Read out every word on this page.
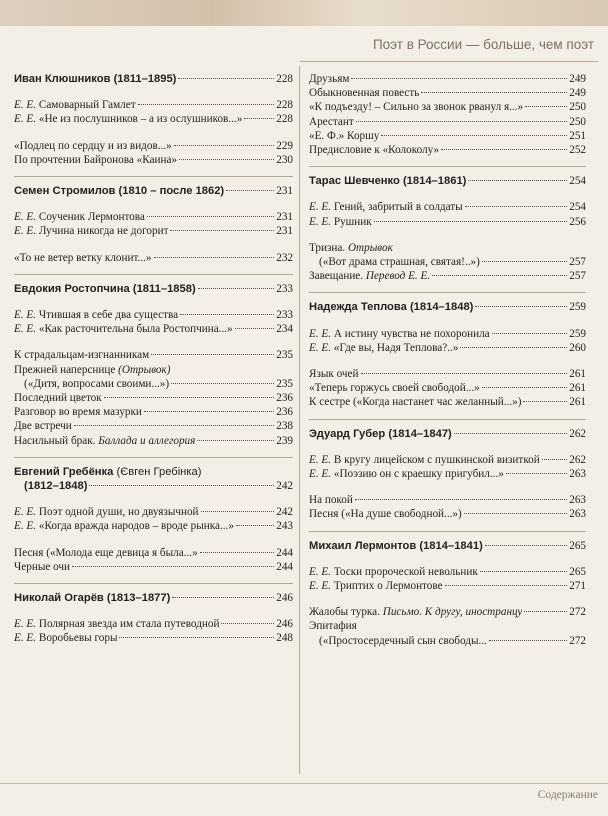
Поэт в России — больше, чем поэт
Иван Клюшников (1811–1895)	228
Е. Е. Самоварный Гамлет	228
Е. Е. «Не из послушников – а из ослушников...»	228
«Подлец по сердцу и из видов...»	229
По прочтении Байронова «Каина»	230
Семен Стромилов (1810 – после 1862)	231
Е. Е. Соученик Лермонтова	231
Е. Е. Лучина никогда не догорит	231
«То не ветер ветку клонит...»	232
Евдокия Ростопчина (1811–1858)	233
Е. Е. Чтившая в себе два существа	233
Е. Е. «Как расточительна была Ростопчина...»	234
К страдальцам-изгнанникам	235
Прежней наперснице (Отрывок)
(«Дитя, вопросами своими...»)	235
Последний цветок	236
Разговор во время мазурки	236
Две встречи	238
Насильный брак. Баллада и аллегория	239
Евгений Гребёнка (Євген Гребінка)
(1812–1848)	242
Е. Е. Поэт одной души, но двуязычной	242
Е. Е. «Когда вражда народов – вроде рынка...»	243
Песня («Молода еще девица я была...»	244
Черные очи	244
Николай Огарёв (1813–1877)	246
Е. Е. Полярная звезда им стала путеводной	246
Е. Е. Воробьевы горы	248
Друзьям	249
Обыкновенная повесть	249
«К подъезду! – Сильно за звонок рванул я...»	250
Арестант	250
«Е. Ф.» Коршу	251
Предисловие к «Колоколу»	252
Тарас Шевченко (1814–1861)	254
Е. Е. Гений, забритый в солдаты	254
Е. Е. Рушник	256
Тризна. Отрывок
(«Вот драма страшная, святая!..»)	257
Завещание. Перевод Е. Е.	257
Надежда Теплова (1814–1848)	259
Е. Е. А истину чувства не похоронила	259
Е. Е. «Где вы, Надя Теплова?..»	260
Язык очей	261
«Теперь горжусь своей свободой...»	261
К сестре («Когда настанет час желанный...»)	261
Эдуард Губер (1814–1847)	262
Е. Е. В кругу лицейском с пушкинской визиткой	262
Е. Е. «Поэзию он с краешку пригубил...»	263
На покой	263
Песня («На душе свободной...»)	263
Михаил Лермонтов (1814–1841)	265
Е. Е. Тоски пророческой невольник	265
Е. Е. Триптих о Лермонтове	271
Жалобы турка. Письмо. К другу, иностранцу	272
Эпитафия
(«Простосердечный сын свободы...	272
Содержание
